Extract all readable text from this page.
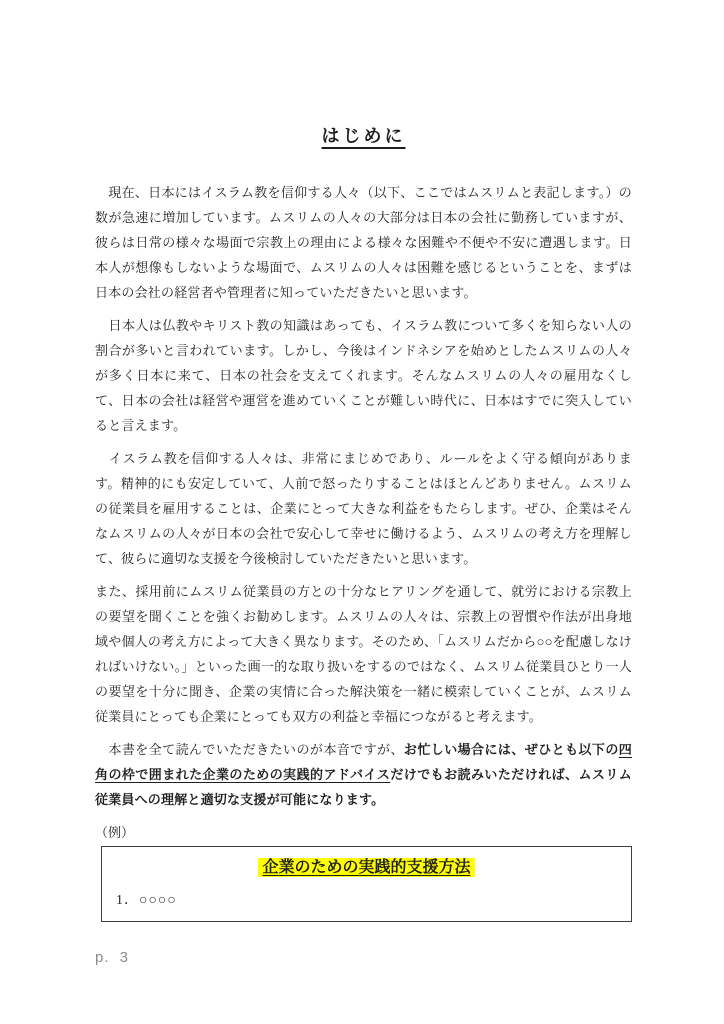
はじめに

　現在、日本にはイスラム教を信仰する人々（以下、ここではムスリムと表記します。）の数が急速に増加しています。ムスリムの人々の大部分は日本の会社に勤務していますが、彼らは日常の様々な場面で宗教上の理由による様々な困難や不便や不安に遭遇します。日本人が想像もしないような場面で、ムスリムの人々は困難を感じるということを、まずは日本の会社の経営者や管理者に知っていただきたいと思います。

　日本人は仏教やキリスト教の知識はあっても、イスラム教について多くを知らない人の割合が多いと言われています。しかし、今後はインドネシアを始めとしたムスリムの人々が多く日本に来て、日本の社会を支えてくれます。そんなムスリムの人々の雇用なくして、日本の会社は経営や運営を進めていくことが難しい時代に、日本はすでに突入していると言えます。

　イスラム教を信仰する人々は、非常にまじめであり、ルールをよく守る傾向があります。精神的にも安定していて、人前で怒ったりすることはほとんどありません。ムスリムの従業員を雇用することは、企業にとって大きな利益をもたらします。ぜひ、企業はそんなムスリムの人々が日本の会社で安心して幸せに働けるよう、ムスリムの考え方を理解して、彼らに適切な支援を今後検討していただきたいと思います。

また、採用前にムスリム従業員の方との十分なヒアリングを通して、就労における宗教上の要望を聞くことを強くお勧めします。ムスリムの人々は、宗教上の習慣や作法が出身地域や個人の考え方によって大きく異なります。そのため、「ムスリムだから○○を配慮しなければいけない。」といった画一的な取り扱いをするのではなく、ムスリム従業員ひとり一人の要望を十分に聞き、企業の実情に合った解決策を一緒に模索していくことが、ムスリム従業員にとっても企業にとっても双方の利益と幸福につながると考えます。

　本書を全て読んでいただきたいのが本音ですが、お忙しい場合には、ぜひとも以下の四角の枠で囲まれた企業のための実践的アドバイスだけでもお読みいただければ、ムスリム従業員への理解と適切な支援が可能になります。

（例）
企業のための実践的支援方法
1．○○○○
p. 3
